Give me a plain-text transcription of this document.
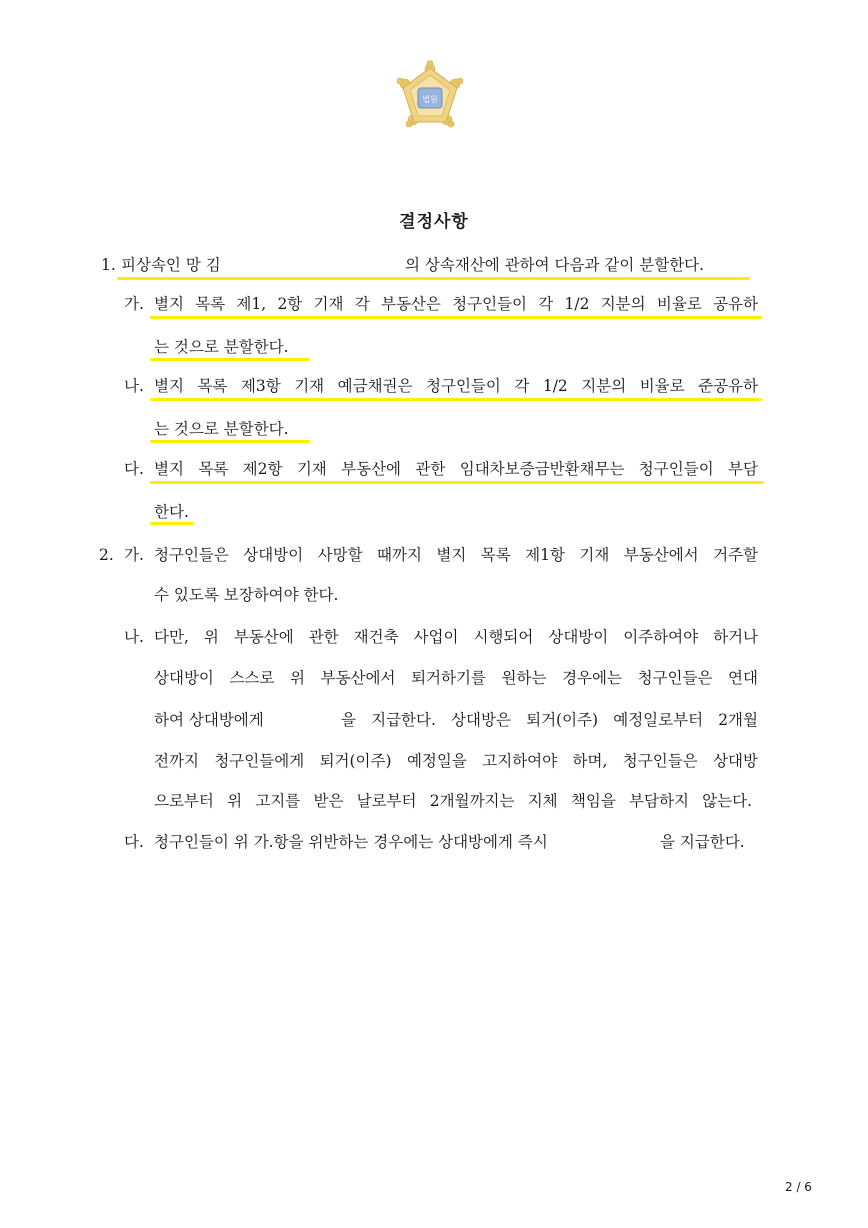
법원
결정사항
1. 피상속인 망 김	의 상속재산에 관하여 다음과 같이 분할한다.
가. 별지 목록 제1, 2항 기재 각 부동산은 청구인들이 각 1/2 지분의 비율로 공유하
는 것으로 분할한다.
나. 별지 목록 제3항 기재 예금채권은 청구인들이 각 1/2 지분의 비율로 준공유하
는 것으로 분할한다.
다. 별지 목록 제2항 기재 부동산에 관한 임대차보증금반환채무는 청구인들이 부담
한다.
2. 가. 청구인들은 상대방이 사망할 때까지 별지 목록 제1항 기재 부동산에서 거주할
수 있도록 보장하여야 한다.
나. 다만, 위 부동산에 관한 재건축 사업이 시행되어 상대방이 이주하여야 하거나
상대방이 스스로 위 부동산에서 퇴거하기를 원하는 경우에는 청구인들은 연대
하여 상대방에게	을 지급한다. 상대방은 퇴거(이주) 예정일로부터 2개월
전까지 청구인들에게 퇴거(이주) 예정일을 고지하여야 하며, 청구인들은 상대방
으로부터 위 고지를 받은 날로부터 2개월까지는 지체 책임을 부담하지 않는다.
다. 청구인들이 위 가.항을 위반하는 경우에는 상대방에게 즉시	을 지급한다.
2 / 6
